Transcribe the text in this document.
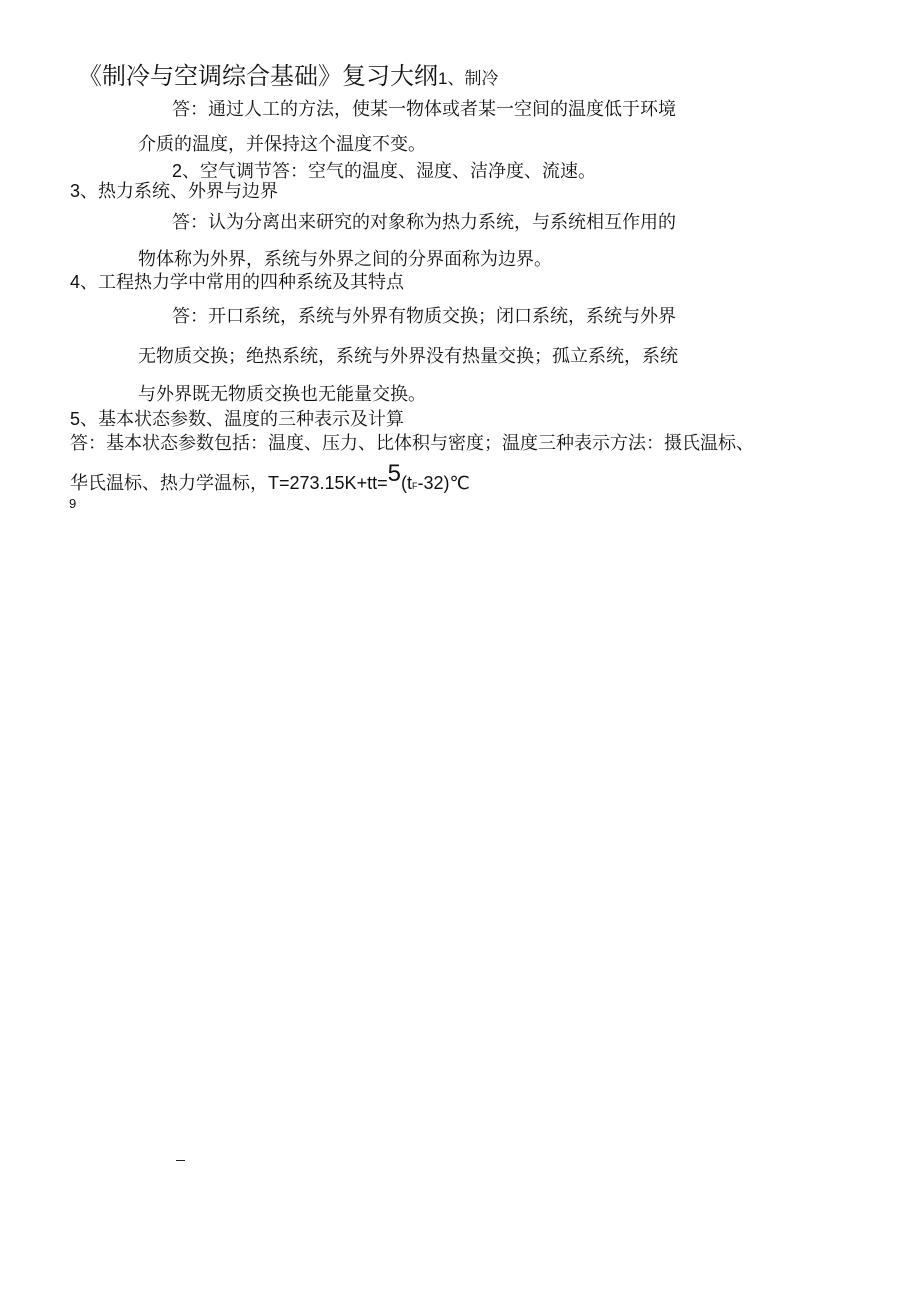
《制冷与空调综合基础》复习大纲1、制冷
答：通过人工的方法，使某一物体或者某一空间的温度低于环境
介质的温度，并保持这个温度不变。
2、空气调节答：空气的温度、湿度、洁净度、流速。
3、热力系统、外界与边界
答：认为分离出来研究的对象称为热力系统，与系统相互作用的
物体称为外界，系统与外界之间的分界面称为边界。
4、工程热力学中常用的四种系统及其特点
答：开口系统，系统与外界有物质交换；闭口系统，系统与外界
无物质交换；绝热系统，系统与外界没有热量交换；孤立系统，系统
与外界既无物质交换也无能量交换。
5、基本状态参数、温度的三种表示及计算
答：基本状态参数包括：温度、压力、比体积与密度；温度三种表示方法：摄氏温标、
华氏温标、热力学温标，T=273.15K+tt=5(tF-32)℃
9
